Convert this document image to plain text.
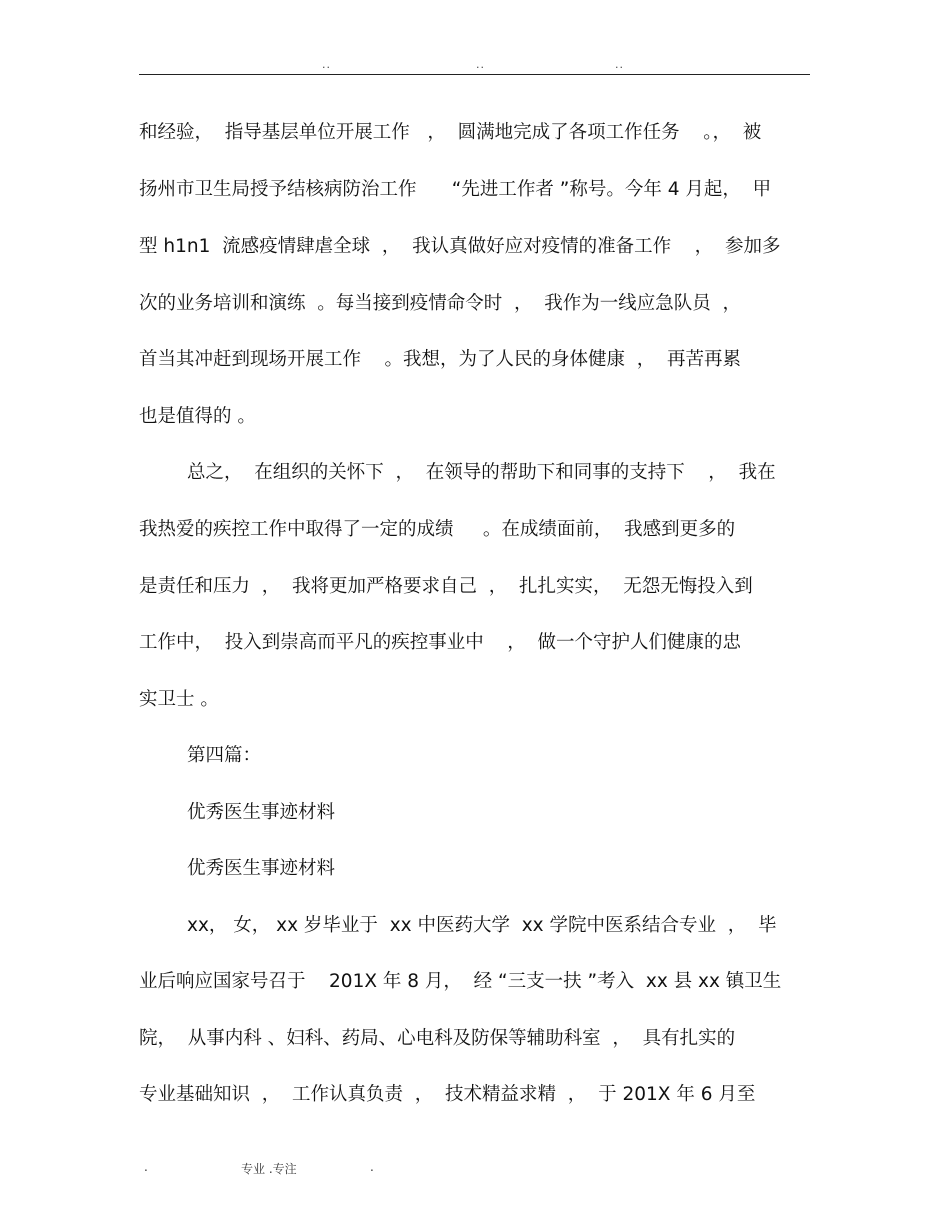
..	..	..
和经验，  指导基层单位开展工作   ，  圆满地完成了各项工作任务    。，  被
扬州市卫生局授予结核病防治工作      “先进工作者 ”称号。今年 4 月起，  甲
型 h1n1  流感疫情肆虐全球  ，  我认真做好应对疫情的准备工作    ，  参加多
次的业务培训和演练  。每当接到疫情命令时  ，  我作为一线应急队员  ，
首当其冲赶到现场开展工作    。我想，为了人民的身体健康  ，  再苦再累
也是值得的 。
总之，  在组织的关怀下  ，  在领导的帮助下和同事的支持下    ，  我在
我热爱的疾控工作中取得了一定的成绩     。在成绩面前，  我感到更多的
是责任和压力  ，  我将更加严格要求自己  ，  扎扎实实，  无怨无悔投入到
工作中，  投入到崇高而平凡的疾控事业中    ，  做一个守护人们健康的忠
实卫士 。
第四篇：
优秀医生事迹材料
优秀医生事迹材料
xx， 女， xx 岁毕业于  xx 中医药大学  xx 学院中医系结合专业  ，  毕
业后响应国家号召于    201X 年 8 月，  经 “三支一扶 ”考入  xx 县 xx 镇卫生
院，  从事内科 、妇科、药局、心电科及防保等辅助科室  ，  具有扎实的
专业基础知识  ，  工作认真负责  ，  技术精益求精  ，  于 201X 年 6 月至
.	专业 .专注	.
